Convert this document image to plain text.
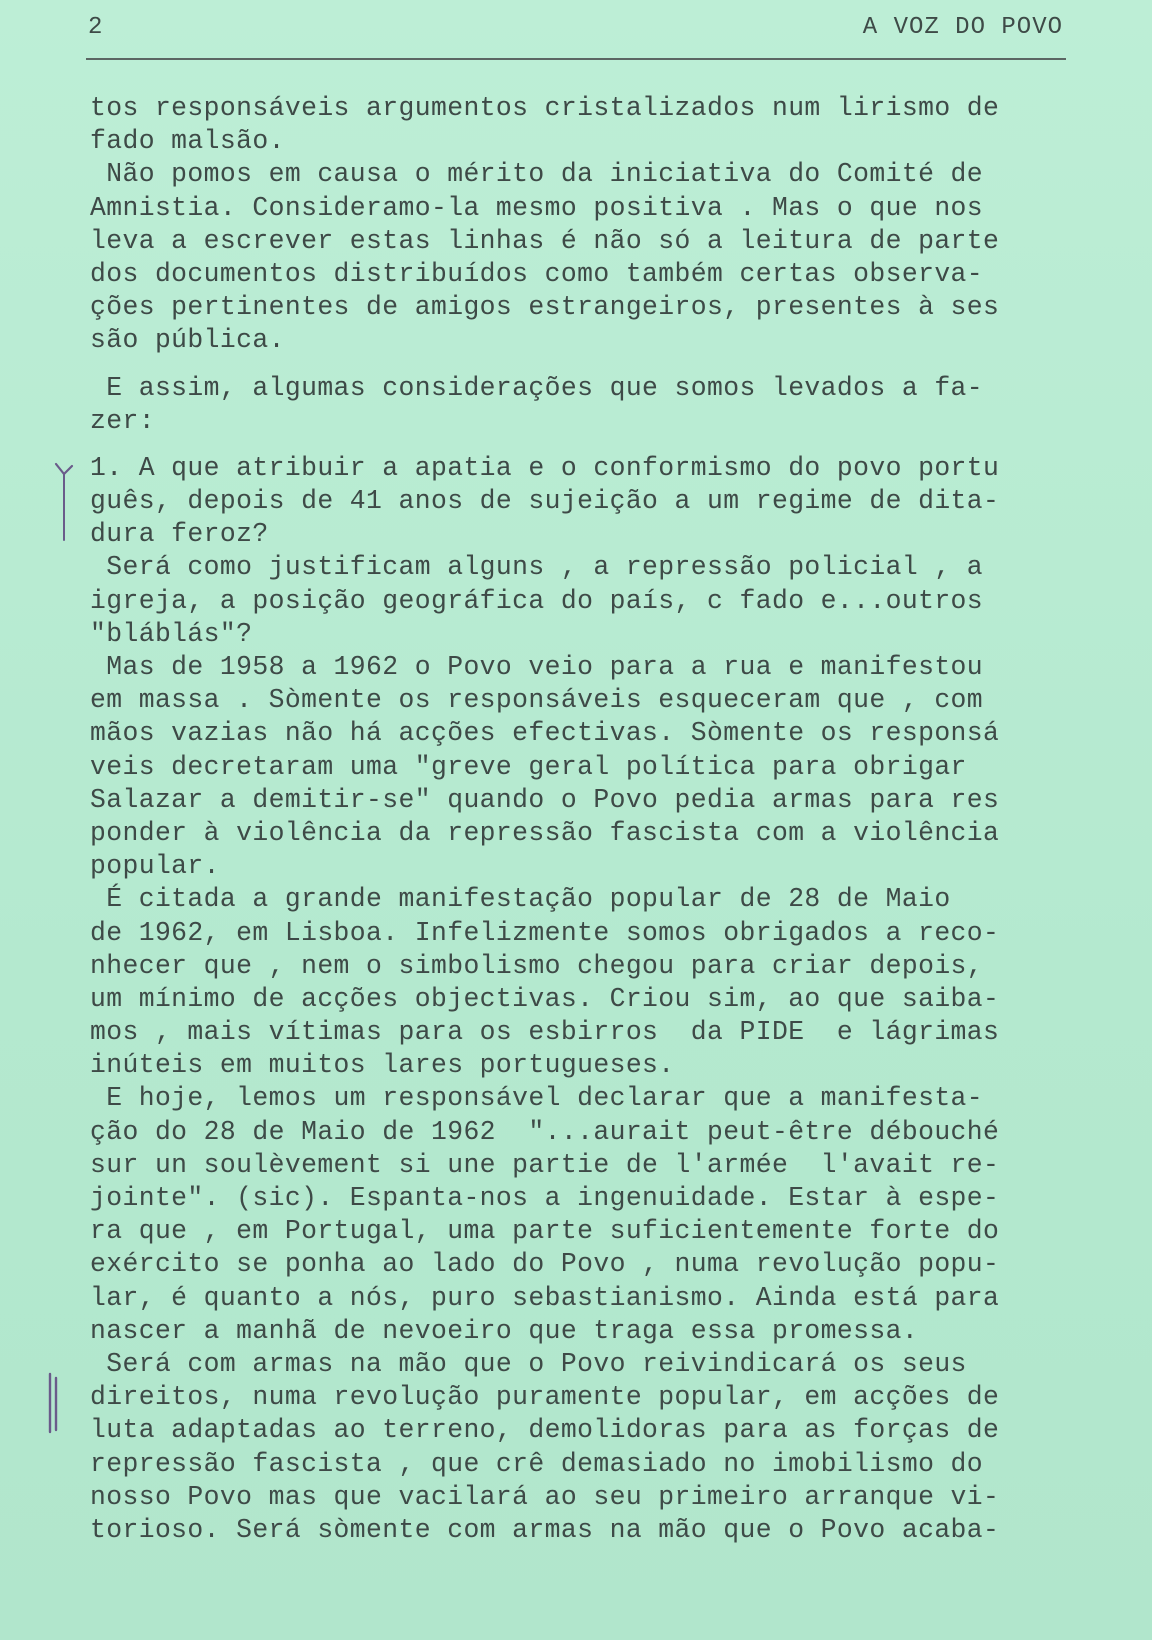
2	A VOZ DO POVO
tos responsáveis argumentos cristalizados num lirismo de
fado malsão.
Não pomos em causa o mérito da iniciativa do Comité de
Amnistia. Consideramo-la mesmo positiva . Mas o que nos
leva a escrever estas linhas é não só a leitura de parte
dos documentos distribuídos como também certas observa-
ções pertinentes de amigos estrangeiros, presentes à ses
são pública.
E assim, algumas considerações que somos levados a fa-
zer:
1. A que atribuir a apatia e o conformismo do povo portu
guês, depois de 41 anos de sujeição a um regime de dita-
dura feroz?
Será como justificam alguns , a repressão policial , a
igreja, a posição geográfica do país, c fado e...outros
"bláblás"?
Mas de 1958 a 1962 o Povo veio para a rua e manifestou
em massa . Sòmente os responsáveis esqueceram que , com
mãos vazias não há acções efectivas. Sòmente os responsá
veis decretaram uma "greve geral política para obrigar
Salazar a demitir-se" quando o Povo pedia armas para res
ponder à violência da repressão fascista com a violência
popular.
É citada a grande manifestação popular de 28 de Maio
de 1962, em Lisboa. Infelizmente somos obrigados a reco-
nhecer que , nem o simbolismo chegou para criar depois,
um mínimo de acções objectivas. Criou sim, ao que saiba-
mos , mais vítimas para os esbirros  da PIDE  e lágrimas
inúteis em muitos lares portugueses.
E hoje, lemos um responsável declarar que a manifesta-
ção do 28 de Maio de 1962  "...aurait peut-être débouché
sur un soulèvement si une partie de l'armée  l'avait re-
jointe". (sic). Espanta-nos a ingenuidade. Estar à espe-
ra que , em Portugal, uma parte suficientemente forte do
exército se ponha ao lado do Povo , numa revolução popu-
lar, é quanto a nós, puro sebastianismo. Ainda está para
nascer a manhã de nevoeiro que traga essa promessa.
Será com armas na mão que o Povo reivindicará os seus
direitos, numa revolução puramente popular, em acções de
luta adaptadas ao terreno, demolidoras para as forças de
repressão fascista , que crê demasiado no imobilismo do
nosso Povo mas que vacilará ao seu primeiro arranque vi-
torioso. Será sòmente com armas na mão que o Povo acaba-
